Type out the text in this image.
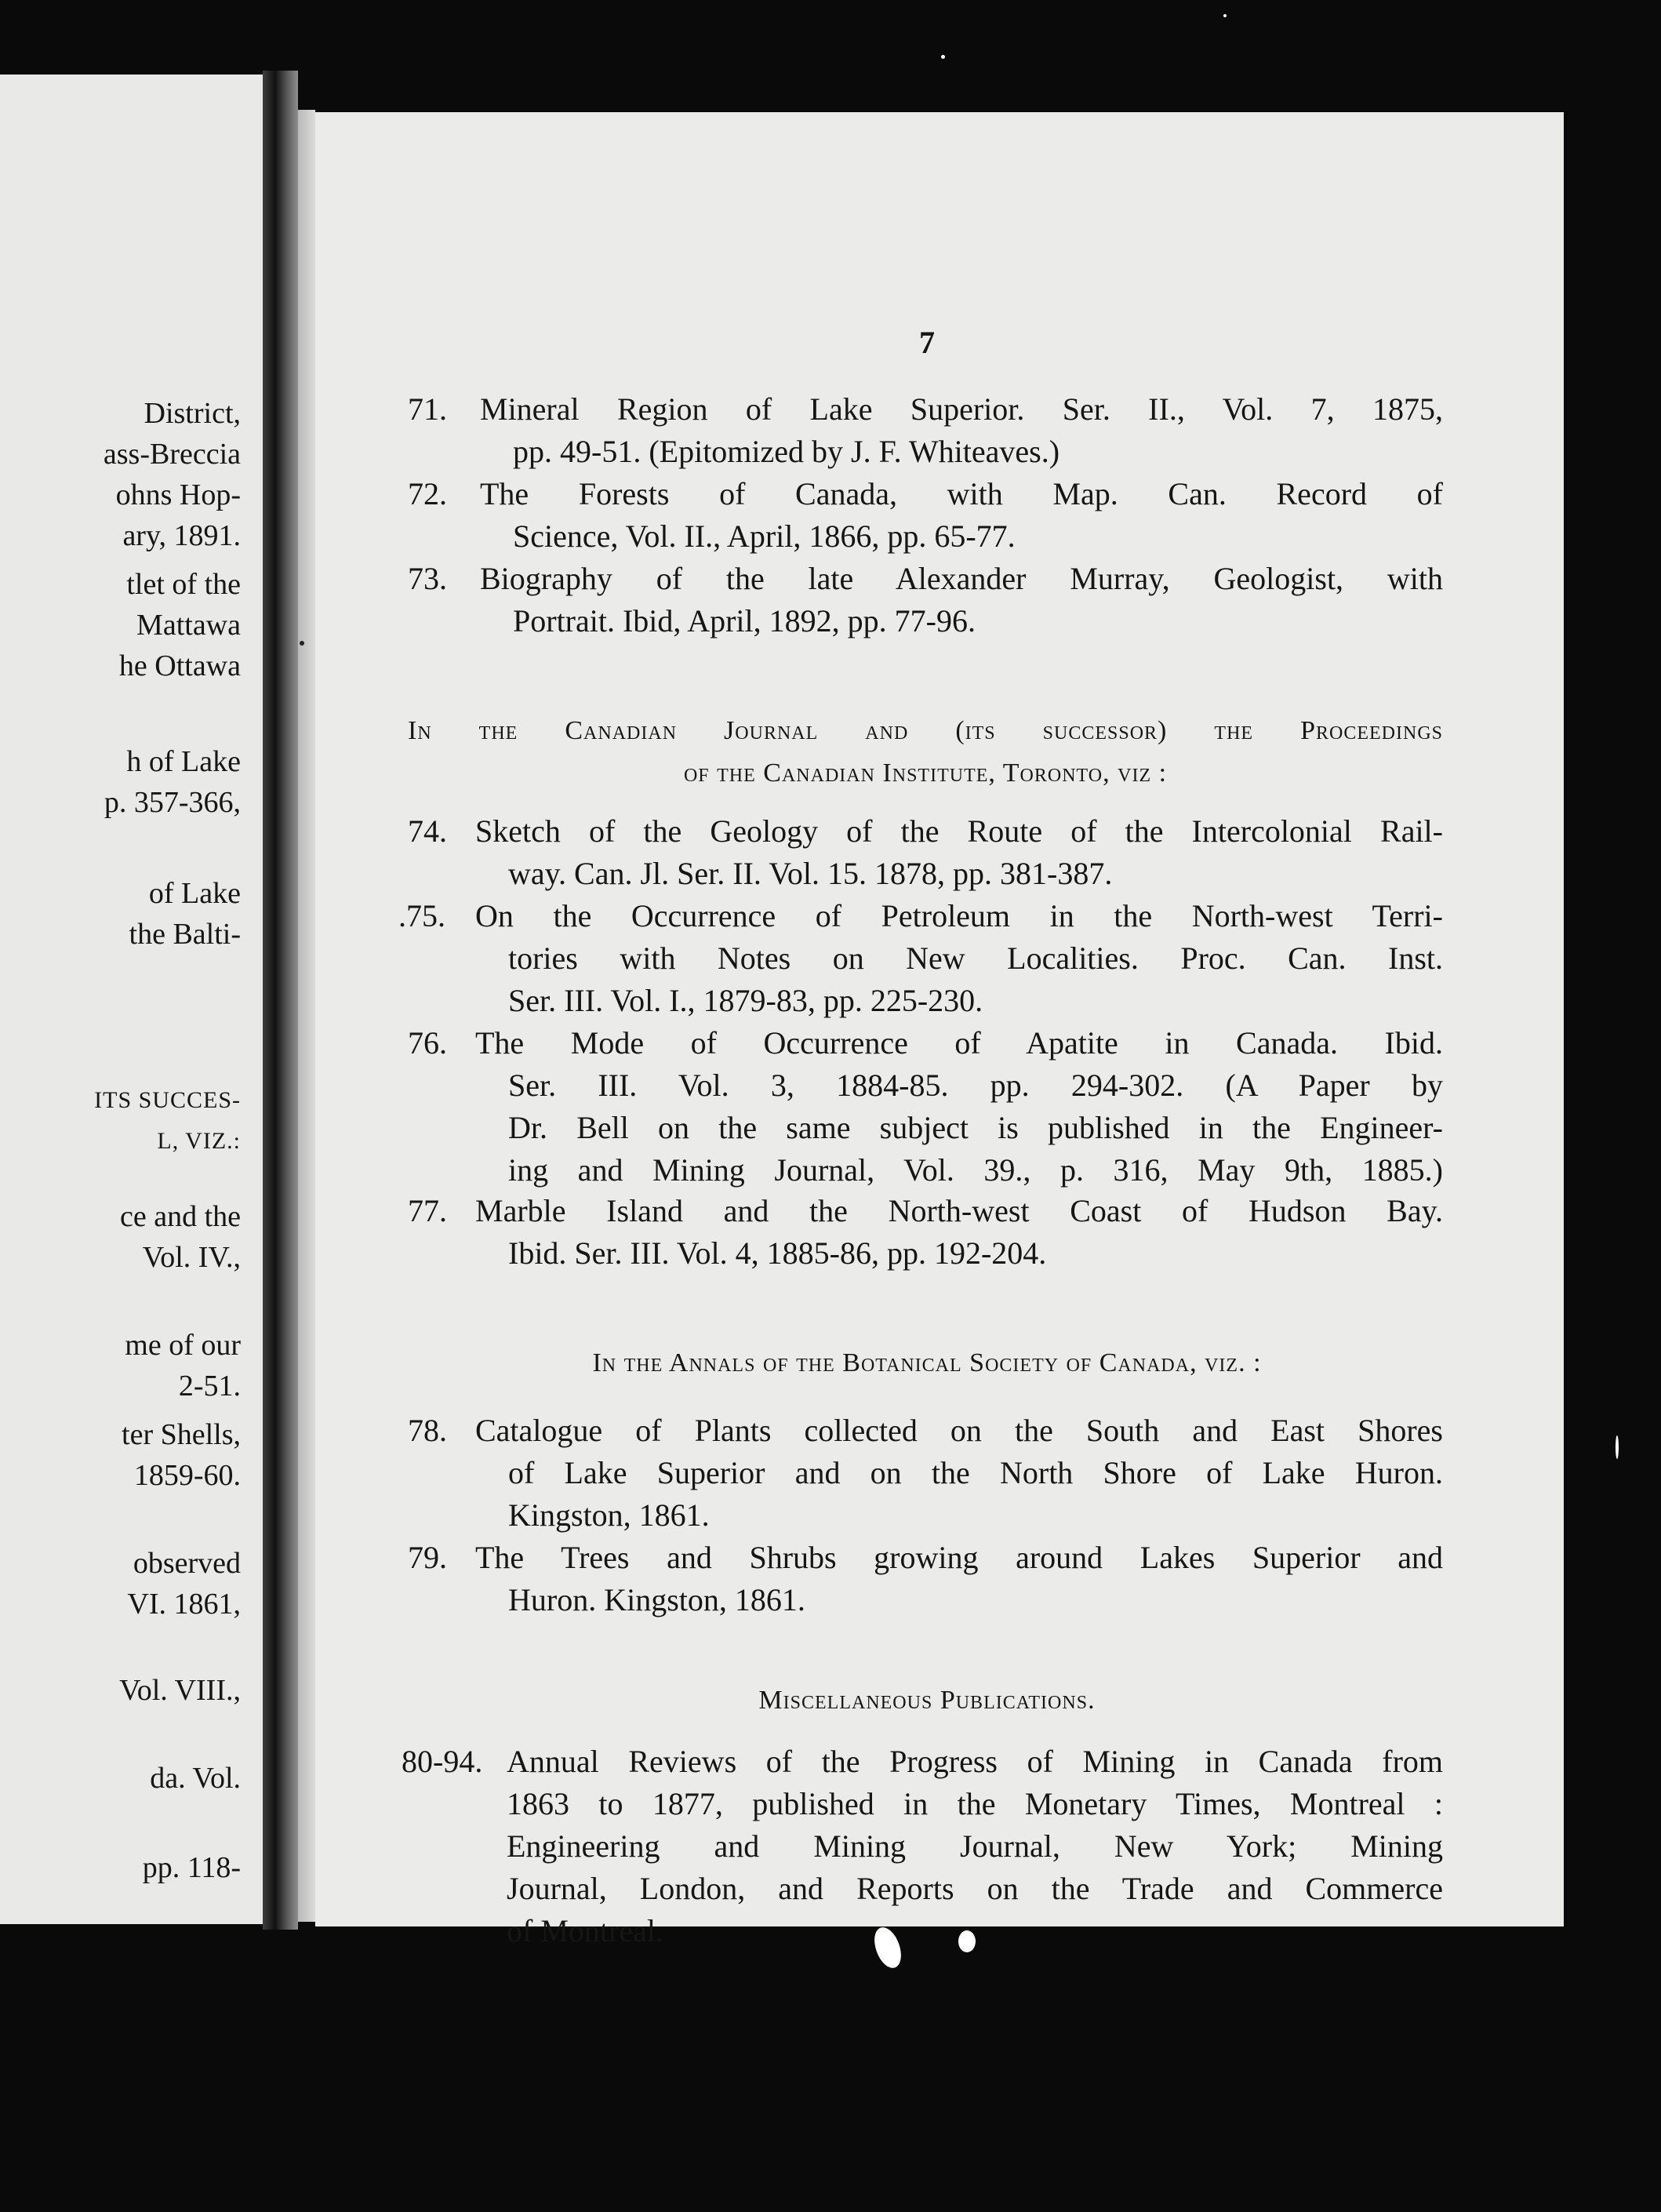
District,
ass-Breccia
ohns Hop-
ary, 1891.
tlet of the
Mattawa
he Ottawa
h of Lake
p. 357-366,
of Lake
the Balti-
ITS SUCCES-
L, VIZ.:
ce and the
Vol. IV.,
me of our
2-51.
ter Shells,
1859-60.
observed
VI. 1861,
Vol. VIII.,
da. Vol.
pp. 118-
7
71. Mineral Region of Lake Superior. Ser. II., Vol. 7, 1875,
pp. 49-51. (Epitomized by J. F. Whiteaves.)
72. The Forests of Canada, with Map. Can. Record of
Science, Vol. II., April, 1866, pp. 65-77.
73. Biography of the late Alexander Murray, Geologist, with
Portrait. Ibid, April, 1892, pp. 77-96.
In the Canadian Journal and (its successor) the Proceedings
of the Canadian Institute, Toronto, viz :
74. Sketch of the Geology of the Route of the Intercolonial Rail-
way. Can. Jl. Ser. II. Vol. 15. 1878, pp. 381-387.
.75. On the Occurrence of Petroleum in the North-west Terri-
tories with Notes on New Localities. Proc. Can. Inst.
Ser. III. Vol. I., 1879-83, pp. 225-230.
76. The Mode of Occurrence of Apatite in Canada. Ibid.
Ser. III. Vol. 3, 1884-85. pp. 294-302. (A Paper by
Dr. Bell on the same subject is published in the Engineer-
ing and Mining Journal, Vol. 39., p. 316, May 9th, 1885.)
77. Marble Island and the North-west Coast of Hudson Bay.
Ibid. Ser. III. Vol. 4, 1885-86, pp. 192-204.
In the Annals of the Botanical Society of Canada, viz. :
78. Catalogue of Plants collected on the South and East Shores
of Lake Superior and on the North Shore of Lake Huron.
Kingston, 1861.
79. The Trees and Shrubs growing around Lakes Superior and
Huron. Kingston, 1861.
Miscellaneous Publications.
80-94. Annual Reviews of the Progress of Mining in Canada from
1863 to 1877, published in the Monetary Times, Montreal :
Engineering and Mining Journal, New York; Mining
Journal, London, and Reports on the Trade and Commerce
of Montreal.
